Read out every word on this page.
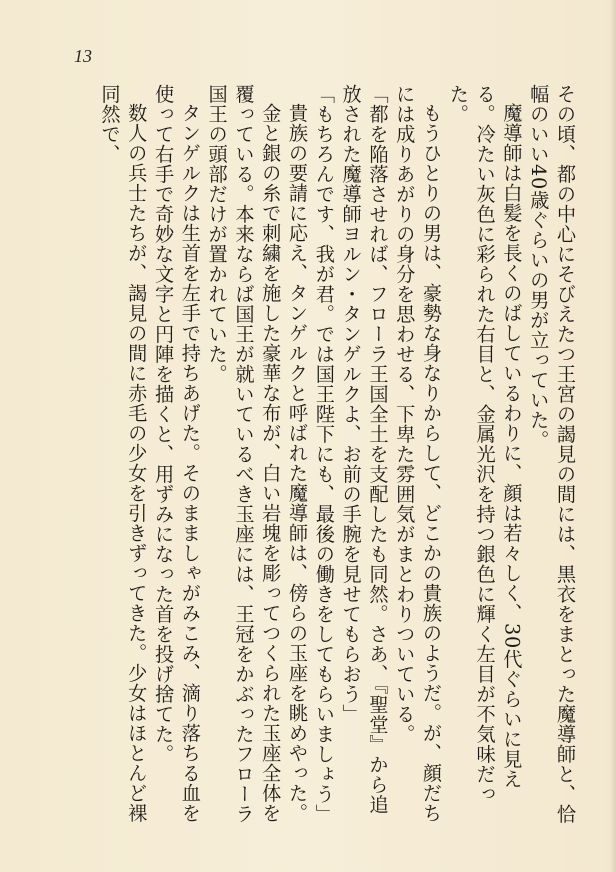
13

その頃、都の中心にそびえたつ王宮の謁見の間には、黒衣をまとった魔導師と、恰幅のいい40歳ぐらいの男が立っていた。

魔導師は白髪を長くのばしているわりに、顔は若々しく、30代ぐらいに見える。冷たい灰色に彩られた右目と、金属光沢を持つ銀色に輝く左目が不気味だった。

もうひとりの男は、豪勢な身なりからして、どこかの貴族のようだ。が、顔だちには成りあがりの身分を思わせる、下卑た雰囲気がまとわりついている。

「都を陥落させれば、フローラ王国全土を支配したも同然。さあ、『聖堂』から追放された魔導師ヨルン・タンゲルクよ、お前の手腕を見せてもらおう」

「もちろんです、我が君。では国王陛下にも、最後の働きをしてもらいましょう」

貴族の要請に応え、タンゲルクと呼ばれた魔導師は、傍らの玉座を眺めやった。

金と銀の糸で刺繍を施した豪華な布が、白い岩塊を彫ってつくられた玉座全体を覆っている。本来ならば国王が就いているべき玉座には、王冠をかぶったフローラ国王の頭部だけが置かれていた。

タンゲルクは生首を左手で持ちあげた。そのまましゃがみこみ、滴り落ちる血を使って右手で奇妙な文字と円陣を描くと、用ずみになった首を投げ捨てた。

数人の兵士たちが、謁見の間に赤毛の少女を引きずってきた。少女はほとんど裸同然で、
